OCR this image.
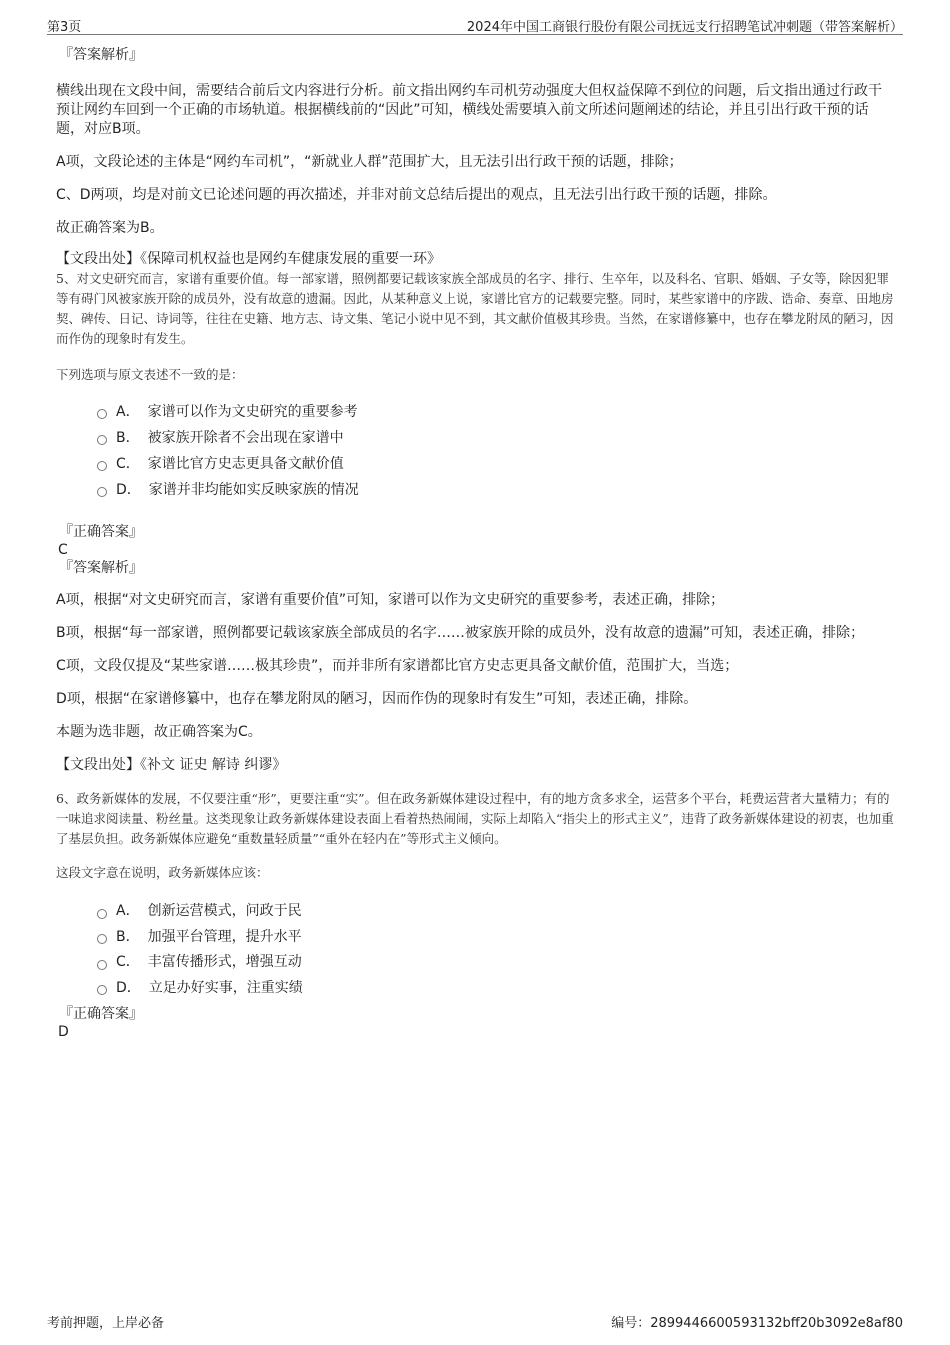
第3页	2024年中国工商银行股份有限公司抚远支行招聘笔试冲刺题（带答案解析）

『答案解析』

横线出现在文段中间，需要结合前后文内容进行分析。前文指出网约车司机劳动强度大但权益保障不到位的问题，后文指出通过行政干预让网约车回到一个正确的市场轨道。根据横线前的“因此”可知，横线处需要填入前文所述问题阐述的结论，并且引出行政干预的话题，对应B项。

A项，文段论述的主体是“网约车司机”，“新就业人群”范围扩大，且无法引出行政干预的话题，排除；

C、D两项，均是对前文已论述问题的再次描述，并非对前文总结后提出的观点，且无法引出行政干预的话题，排除。

故正确答案为B。

【文段出处】《保障司机权益也是网约车健康发展的重要一环》

5、对文史研究而言，家谱有重要价值。每一部家谱，照例都要记载该家族全部成员的名字、排行、生卒年，以及科名、官职、婚姻、子女等，除因犯罪等有碍门风被家族开除的成员外，没有故意的遗漏。因此，从某种意义上说，家谱比官方的记载要完整。同时，某些家谱中的序跋、诰命、奏章、田地房契、碑传、日记、诗词等，往往在史籍、地方志、诗文集、笔记小说中见不到，其文献价值极其珍贵。当然，在家谱修纂中，也存在攀龙附凤的陋习，因而作伪的现象时有发生。

下列选项与原文表述不一致的是：

A． 家谱可以作为文史研究的重要参考
B． 被家族开除者不会出现在家谱中
C． 家谱比官方史志更具备文献价值
D． 家谱并非均能如实反映家族的情况

『正确答案』

C

『答案解析』

A项，根据“对文史研究而言，家谱有重要价值”可知，家谱可以作为文史研究的重要参考，表述正确，排除；

B项，根据“每一部家谱，照例都要记载该家族全部成员的名字……被家族开除的成员外，没有故意的遗漏”可知，表述正确，排除；

C项，文段仅提及“某些家谱……极其珍贵”，而并非所有家谱都比官方史志更具备文献价值，范围扩大，当选；

D项，根据“在家谱修纂中，也存在攀龙附凤的陋习，因而作伪的现象时有发生”可知，表述正确，排除。

本题为选非题，故正确答案为C。

【文段出处】《补文 证史 解诗 纠谬》

6、政务新媒体的发展，不仅要注重“形”，更要注重“实”。但在政务新媒体建设过程中，有的地方贪多求全，运营多个平台，耗费运营者大量精力；有的一味追求阅读量、粉丝量。这类现象让政务新媒体建设表面上看着热热闹闹，实际上却陷入“指尖上的形式主义”，违背了政务新媒体建设的初衷，也加重了基层负担。政务新媒体应避免“重数量轻质量”“重外在轻内在”等形式主义倾向。

这段文字意在说明，政务新媒体应该：

A． 创新运营模式，问政于民
B． 加强平台管理，提升水平
C． 丰富传播形式，增强互动
D． 立足办好实事，注重实绩

『正确答案』

D

考前押题，上岸必备	编号：2899446600593132bff20b3092e8af80
